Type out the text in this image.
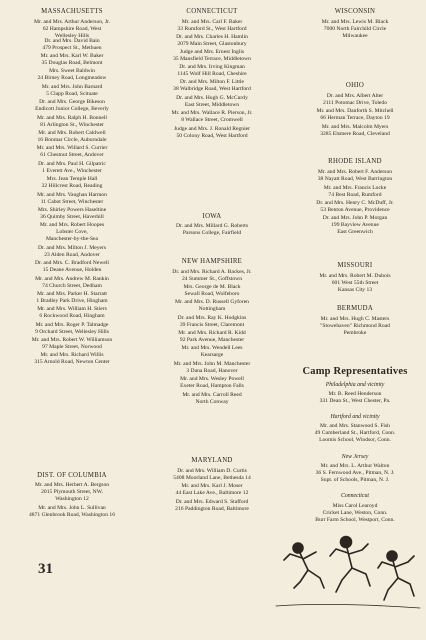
MASSACHUSETTS
Mr. and Mrs. Arthur Anderson, Jr.
62 Hampshire Road, West
Wellesley Hills
Dr. and Mrs. David Bain
479 Prospect St., Methuen
Mr. and Mrs. Karl W. Baker
35 Douglas Road, Belmont
Mrs. Sweet Baldwin
24 Birney Road, Longmeadow
Mr. and Mrs. John Barnard
5 Clapp Road, Scituate
Dr. and Mrs. George Bikeson
Endicott Junior College, Beverly
Mr. and Mrs. Ralph H. Bonnell
81 Arlington St., Winchester
Mr. and Mrs. Robert Caldwell
16 Bonmar Circle, Auburndale
Mr. and Mrs. Willard S. Currier
61 Chestnut Street, Andover
Dr. and Mrs. Paul H. Gilpatric
1 Everett Ave., Winchester
Mrs. Jean Temple Hall
32 Hillcrest Road, Reading
Mr. and Mrs. Vaughan Harmon
11 Cabot Street, Winchester
Mrs. Shirley Powers Haseltine
36 Quimby Street, Haverhill
Mr. and Mrs. Robert Hoopes
Lobster Cove,
Manchester-by-the-Sea
Dr. and Mrs. Milton J. Meyers
23 Alden Road, Andover
Dr. and Mrs. C. Bradford Newell
15 Deane Avenue, Holden
Mr. and Mrs. Andrew M. Rankin
74 Church Street, Dedham
Mr. and Mrs. Parker H. Starratt
1 Bradley Park Drive, Hingham
Mr. and Mrs. William H. Stiers
6 Rockwood Road, Hingham
Mr. and Mrs. Roger P. Talmadge
9 Orchard Street, Wellesley Hills
Mr. and Mrs. Robert W. Williamson
97 Maple Street, Norwood
Mr. and Mrs. Richard Willis
315 Arnold Road, Newton Center
DIST. OF COLUMBIA
Mr. and Mrs. Herbert A. Bergson
2015 Plymouth Street, NW.
Washington 12
Mr. and Mrs. John L. Sullivan
4871 Glenbrook Road, Washington 16
CONNECTICUT
Mr. and Mrs. Carl F. Baker
33 Rumford St., West Hartford
Dr. and Mrs. Charles H. Hamlin
2079 Main Street, Glastonbury
Judge and Mrs. Ernest Inglis
35 Mansfield Terrace, Middletown
Dr. and Mrs. Irving Kingman
1145 Wolf Hill Road, Cheshire
Dr. and Mrs. Milton F. Little
38 Walbridge Road, West Hartford
Dr. and Mrs. Hugh G. McCurdy
East Street, Middletown
Mr. and Mrs. Wallace R. Pierson, Jr.
8 Wallace Street, Cromwell
Judge and Mrs. J. Ronald Regnier
50 Colony Road, West Hartford
IOWA
Dr. and Mrs. Millard G. Roberts
Parsons College, Fairfield
NEW HAMPSHIRE
Dr. and Mrs. Richard A. Backes, Jr.
24 Summer St., Goffstown
Mrs. George de M. Black
Sewall Road, Wolfeboro
Mr. and Mrs. D. Russell Gyforen
Nottingham
Dr. and Mrs. Ray K. Hodgkins
39 Francis Street, Claremont
Mr. and Mrs. Richard R. Kidd
92 Park Avenue, Manchester
Mr. and Mrs. Wendell Lees
Kearsarge
Mr. and Mrs. John M. Manchester
3 Dana Road, Hanover
Mr. and Mrs. Wesley Powell
Exeter Road, Hampton Falls
Mr. and Mrs. Carroll Reed
North Conway
MARYLAND
Dr. and Mrs. William D. Curtis
5408 Moorland Lane, Bethesda 14
Mr. and Mrs. Karl J. Moser
44 East Lake Ave., Baltimore 12
Dr. and Mrs. Edward S. Stafford
216 Paddington Road, Baltimore
WISCONSIN
Mr. and Mrs. Lewis M. Black
7000 North Fairchild Circle
Milwaukee
OHIO
Dr. and Mrs. Albert Alter
2111 Potomac Drive, Toledo
Mr. and Mrs. Danforth S. Mitchell
66 Herman Terrace, Dayton 19
Mr. and Mrs. Malcolm Myers
3285 Elsmere Road, Cleveland
RHODE ISLAND
Mr. and Mrs. Robert F. Anderson
38 Nayatt Road, West Barrington
Mr. and Mrs. Francis Locke
74 Best Road, Rumford
Dr. and Mrs. Henry C. McDuff, Jr.
53 Benton Avenue, Providence
Dr. and Mrs. John P. Morgan
199 Bayview Avenue
East Greenwich
MISSOURI
Mr. and Mrs. Robert M. Dubois
601 West 55th Street
Kansas City 13
BERMUDA
Mr. and Mrs. Hugh C. Masters
"Stowehaven" Richmond Road
Pembroke
Camp Representatives
Philadelphia and vicinity
Mr. B. Reed Henderson
331 Dean St., West Chester, Pa.
Hartford and vicinity
Mr. and Mrs. Stanwood S. Fish
49 Cumberland St., Hartford, Conn.
Loomis School, Windsor, Conn.
New Jersey
Mr. and Mrs. L. Arthur Walton
36 S. Fernwood Ave., Pitman, N. J.
Supt. of Schools, Pitman, N. J.
Connecticut
Miss Carol Learoyd
Cricket Lane, Weston, Conn.
Burr Farm School, Westport, Conn.
31
